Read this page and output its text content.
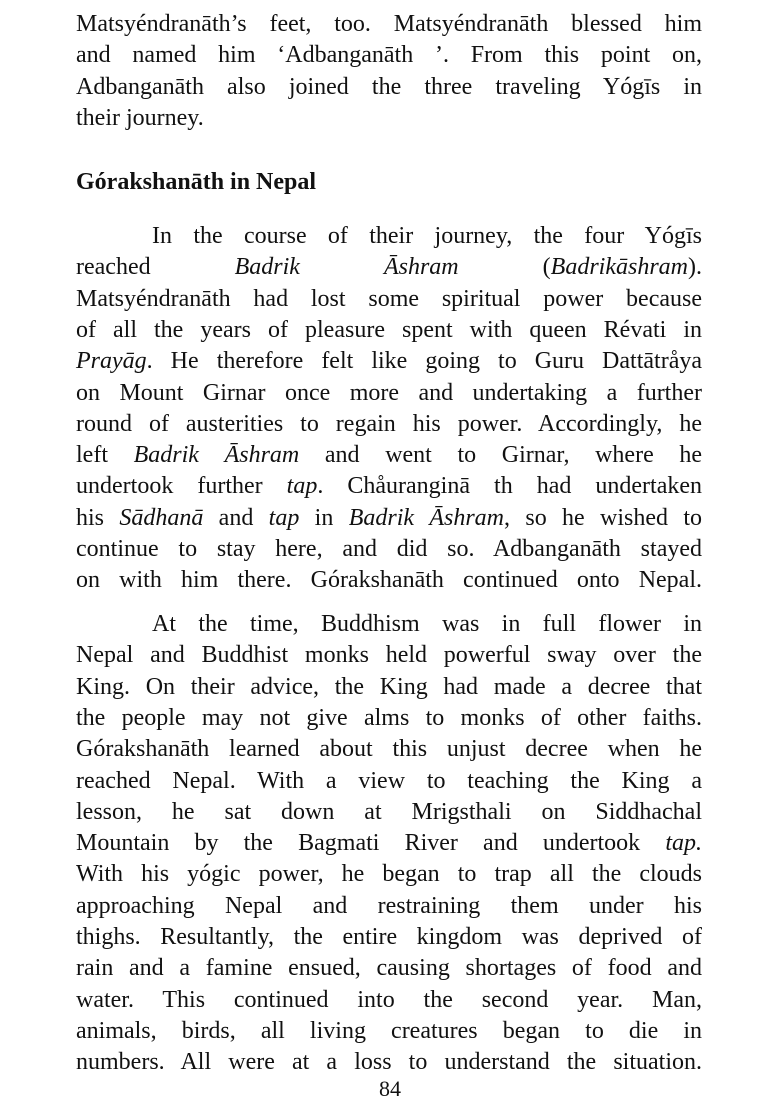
Górakshanāth in Nepal
84
Matsyéndranāth’s feet, too. Matsyéndranāth blessed him
and named him ‘Adbanganāth ’. From this point on,
Adbanganāth also joined the three traveling Yógīs in
their journey.
In the course of their journey, the four Yógīs
reached Badrik	Āshram (Badrikāshram).
Matsyéndranāth had lost some spiritual power because
of all the years of pleasure spent with queen Révati in
Prayāg. He therefore felt like going to Guru Dattātråya
on Mount Girnar once more and undertaking a further
round of austerities to regain his power. Accordingly, he
left Badrik Āshram and went to Girnar, where he
undertook further tap. Chåuranginā th had undertaken
his Sādhanā and tap in Badrik Āshram, so he wished to
continue to stay here, and did so. Adbanganāth stayed
on with him there. Górakshanāth continued onto Nepal.
At the time, Buddhism was in full flower in
Nepal and Buddhist monks held powerful sway over the
King. On their advice, the King had made a decree that
the people may not give alms to monks of other faiths.
Górakshanāth learned about this unjust decree when he
reached Nepal. With a view to teaching the King a
lesson, he sat down at Mrigsthali on Siddhachal
Mountain by the Bagmati River and undertook tap.
With his yógic power, he began to trap all the clouds
approaching Nepal and restraining them under his
thighs. Resultantly, the entire kingdom was deprived of
rain and a famine ensued, causing shortages of food and
water. This continued into the second year. Man,
animals, birds, all living creatures began to die in
numbers. All were at a loss to understand the situation.
